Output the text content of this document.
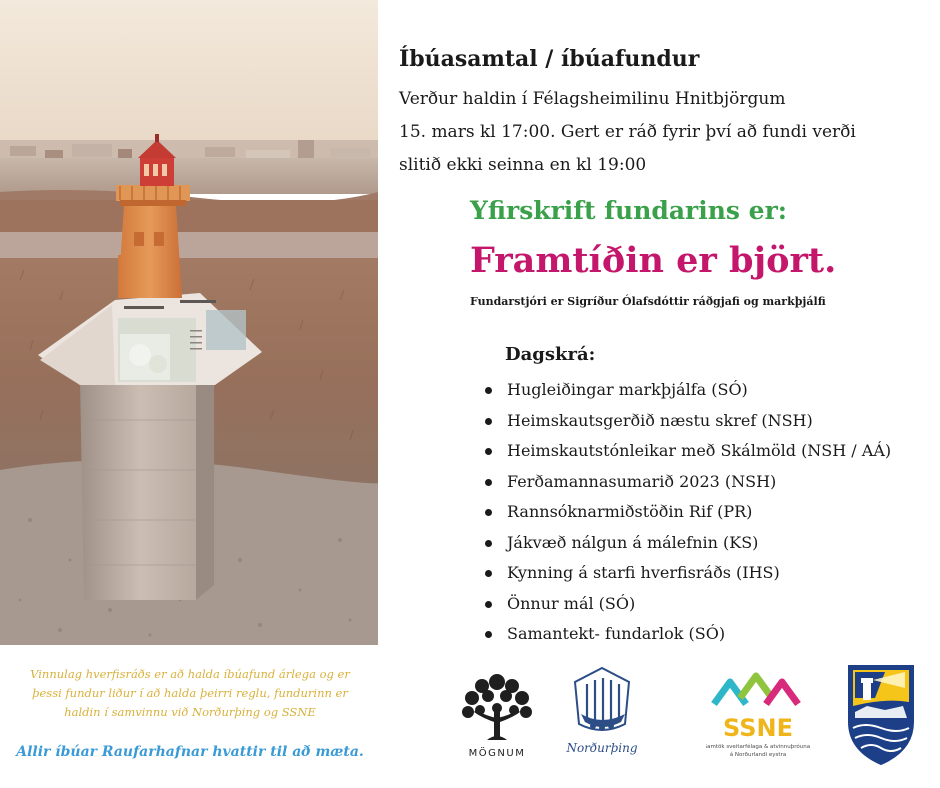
Vinnulag hverfisráðs er að halda íbúafund árlega og er
þessi fundur liður í að halda þeirri reglu, fundurinn er
haldin í samvinnu við Norðurþing og SSNE
Allir íbúar Raufarhafnar hvattir til að mæta.
Íbúasamtal / íbúafundur
Verður haldin í Félagsheimilinu Hnitbjörgum
15. mars kl 17:00. Gert er ráð fyrir því að fundi verði
slitið ekki seinna en kl 19:00
Yfirskrift fundarins er:
Framtíðin er björt.
Fundarstjóri er Sigríður Ólafsdóttir ráðgjafi og markþjálfi
Dagskrá:
Hugleiðingar markþjálfa (SÓ)
Heimskautsgerðið næstu skref (NSH)
Heimskautstónleikar með Skálmöld (NSH / AÁ)
Ferðamannasumarið 2023 (NSH)
Rannsóknarmiðstöðin Rif (PR)
Jákvæð nálgun á málefnin (KS)
Kynning á starfi hverfisráðs (IHS)
Önnur mál (SÓ)
Samantekt- fundarlok (SÓ)
MÖGNUM	Norðurþing
SSNE
Samtök sveitarfélaga & atvinnuþróunar
á Norðurlandi eystra
